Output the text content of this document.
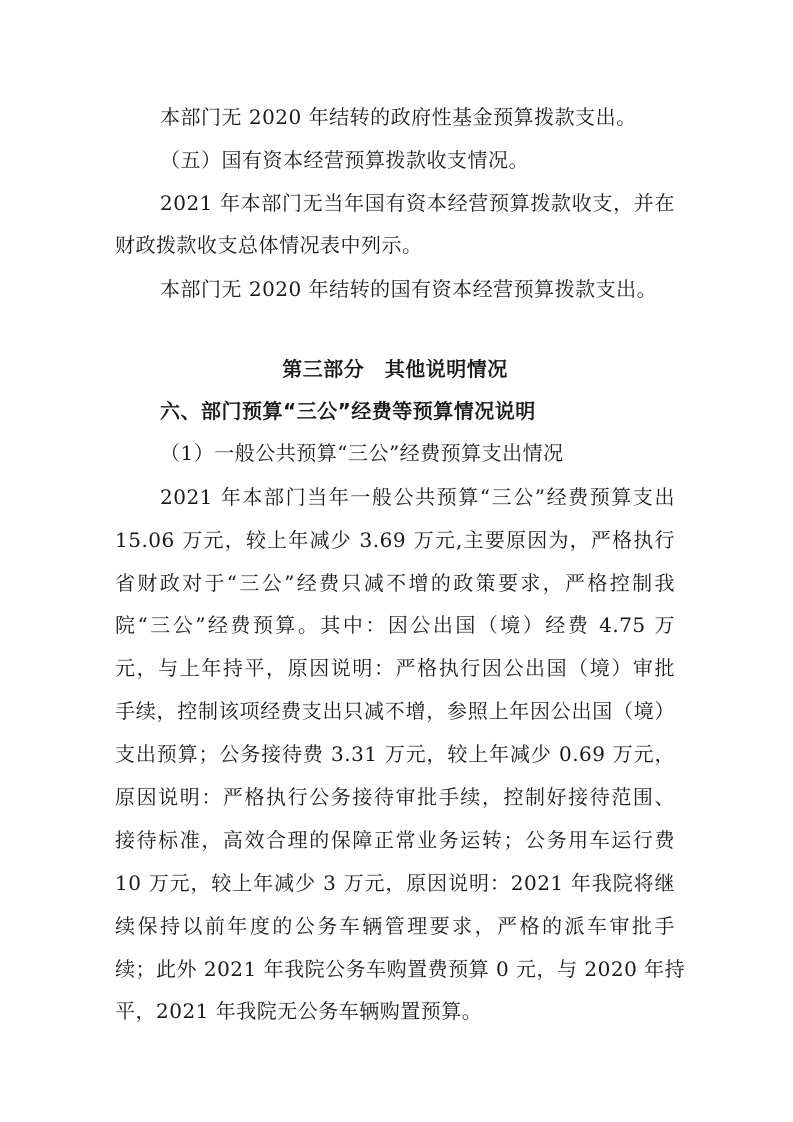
本部门无 2020 年结转的政府性基金预算拨款支出。
（五）国有资本经营预算拨款收支情况。
2021 年本部门无当年国有资本经营预算拨款收支，并在
财政拨款收支总体情况表中列示。
本部门无 2020 年结转的国有资本经营预算拨款支出。
第三部分　其他说明情况
六、部门预算“三公”经费等预算情况说明
（1）一般公共预算“三公”经费预算支出情况
2021 年本部门当年一般公共预算“三公”经费预算支出
15.06 万元，较上年减少 3.69 万元,主要原因为，严格执行
省财政对于“三公”经费只减不增的政策要求，严格控制我
院“三公”经费预算。其中：因公出国（境）经费 4.75 万
元，与上年持平，原因说明：严格执行因公出国（境）审批
手续，控制该项经费支出只减不增，参照上年因公出国（境）
支出预算；公务接待费 3.31 万元，较上年减少 0.69 万元，
原因说明：严格执行公务接待审批手续，控制好接待范围、
接待标准，高效合理的保障正常业务运转；公务用车运行费
10 万元，较上年减少 3 万元，原因说明：2021 年我院将继
续保持以前年度的公务车辆管理要求，严格的派车审批手
续；此外 2021 年我院公务车购置费预算 0 元，与 2020 年持
平，2021 年我院无公务车辆购置预算。
